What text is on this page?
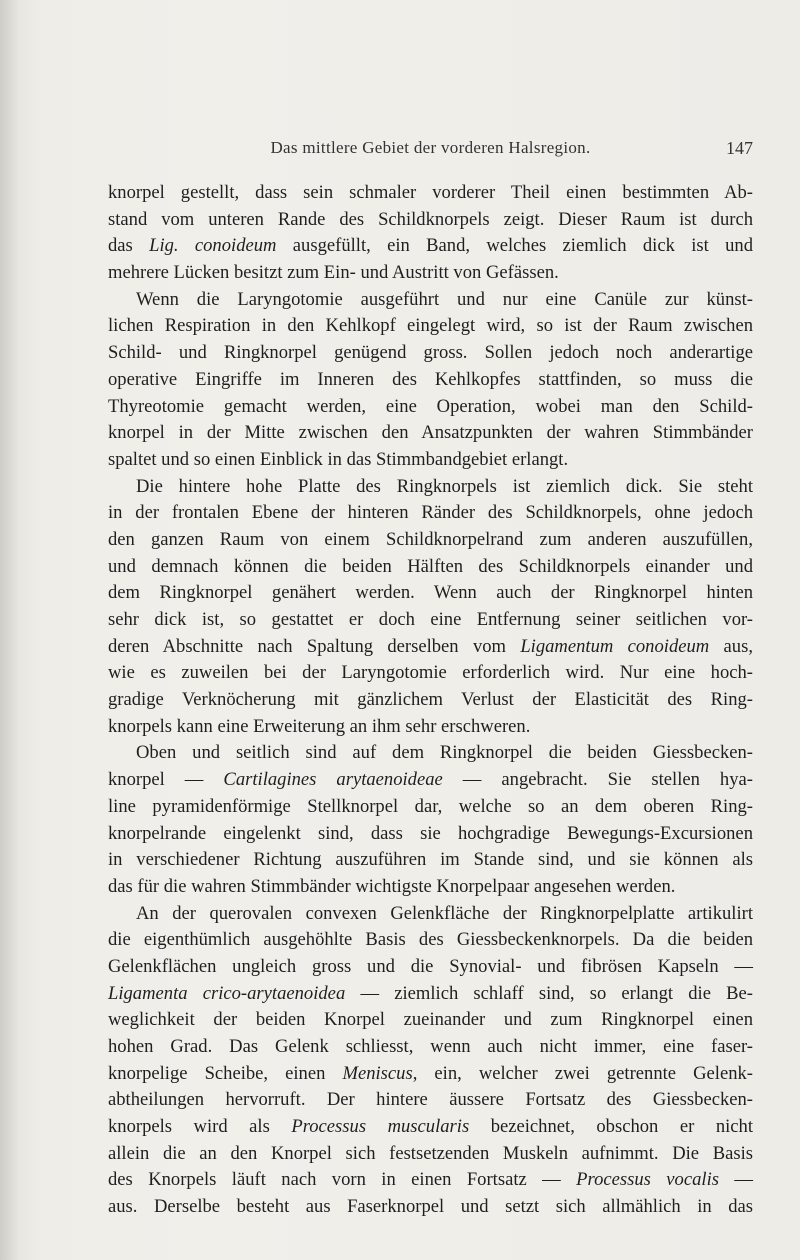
Das mittlere Gebiet der vorderen Halsregion.	147
knorpel gestellt, dass sein schmaler vorderer Theil einen bestimmten Ab-
stand vom unteren Rande des Schildknorpels zeigt. Dieser Raum ist durch
das Lig. conoideum ausgefüllt, ein Band, welches ziemlich dick ist und
mehrere Lücken besitzt zum Ein- und Austritt von Gefässen.
Wenn die Laryngotomie ausgeführt und nur eine Canüle zur künst-
lichen Respiration in den Kehlkopf eingelegt wird, so ist der Raum zwischen
Schild- und Ringknorpel genügend gross. Sollen jedoch noch anderartige
operative Eingriffe im Inneren des Kehlkopfes stattfinden, so muss die
Thyreotomie gemacht werden, eine Operation, wobei man den Schild-
knorpel in der Mitte zwischen den Ansatzpunkten der wahren Stimmbänder
spaltet und so einen Einblick in das Stimmbandgebiet erlangt.
Die hintere hohe Platte des Ringknorpels ist ziemlich dick. Sie steht
in der frontalen Ebene der hinteren Ränder des Schildknorpels, ohne jedoch
den ganzen Raum von einem Schildknorpelrand zum anderen auszufüllen,
und demnach können die beiden Hälften des Schildknorpels einander und
dem Ringknorpel genähert werden. Wenn auch der Ringknorpel hinten
sehr dick ist, so gestattet er doch eine Entfernung seiner seitlichen vor-
deren Abschnitte nach Spaltung derselben vom Ligamentum conoideum aus,
wie es zuweilen bei der Laryngotomie erforderlich wird. Nur eine hoch-
gradige Verknöcherung mit gänzlichem Verlust der Elasticität des Ring-
knorpels kann eine Erweiterung an ihm sehr erschweren.
Oben und seitlich sind auf dem Ringknorpel die beiden Giessbecken-
knorpel — Cartilagines arytaenoideae — angebracht. Sie stellen hya-
line pyramidenförmige Stellknorpel dar, welche so an dem oberen Ring-
knorpelrande eingelenkt sind, dass sie hochgradige Bewegungs-Excursionen
in verschiedener Richtung auszuführen im Stande sind, und sie können als
das für die wahren Stimmbänder wichtigste Knorpelpaar angesehen werden.
An der querovalen convexen Gelenkfläche der Ringknorpelplatte artikulirt
die eigenthümlich ausgehöhlte Basis des Giessbeckenknorpels. Da die beiden
Gelenkflächen ungleich gross und die Synovial- und fibrösen Kapseln —
Ligamenta crico-arytaenoidea — ziemlich schlaff sind, so erlangt die Be-
weglichkeit der beiden Knorpel zueinander und zum Ringknorpel einen
hohen Grad. Das Gelenk schliesst, wenn auch nicht immer, eine faser-
knorpelige Scheibe, einen Meniscus, ein, welcher zwei getrennte Gelenk-
abtheilungen hervorruft. Der hintere äussere Fortsatz des Giessbecken-
knorpels wird als Processus muscularis bezeichnet, obschon er nicht
allein die an den Knorpel sich festsetzenden Muskeln aufnimmt. Die Basis
des Knorpels läuft nach vorn in einen Fortsatz — Processus vocalis —
aus. Derselbe besteht aus Faserknorpel und setzt sich allmählich in das
